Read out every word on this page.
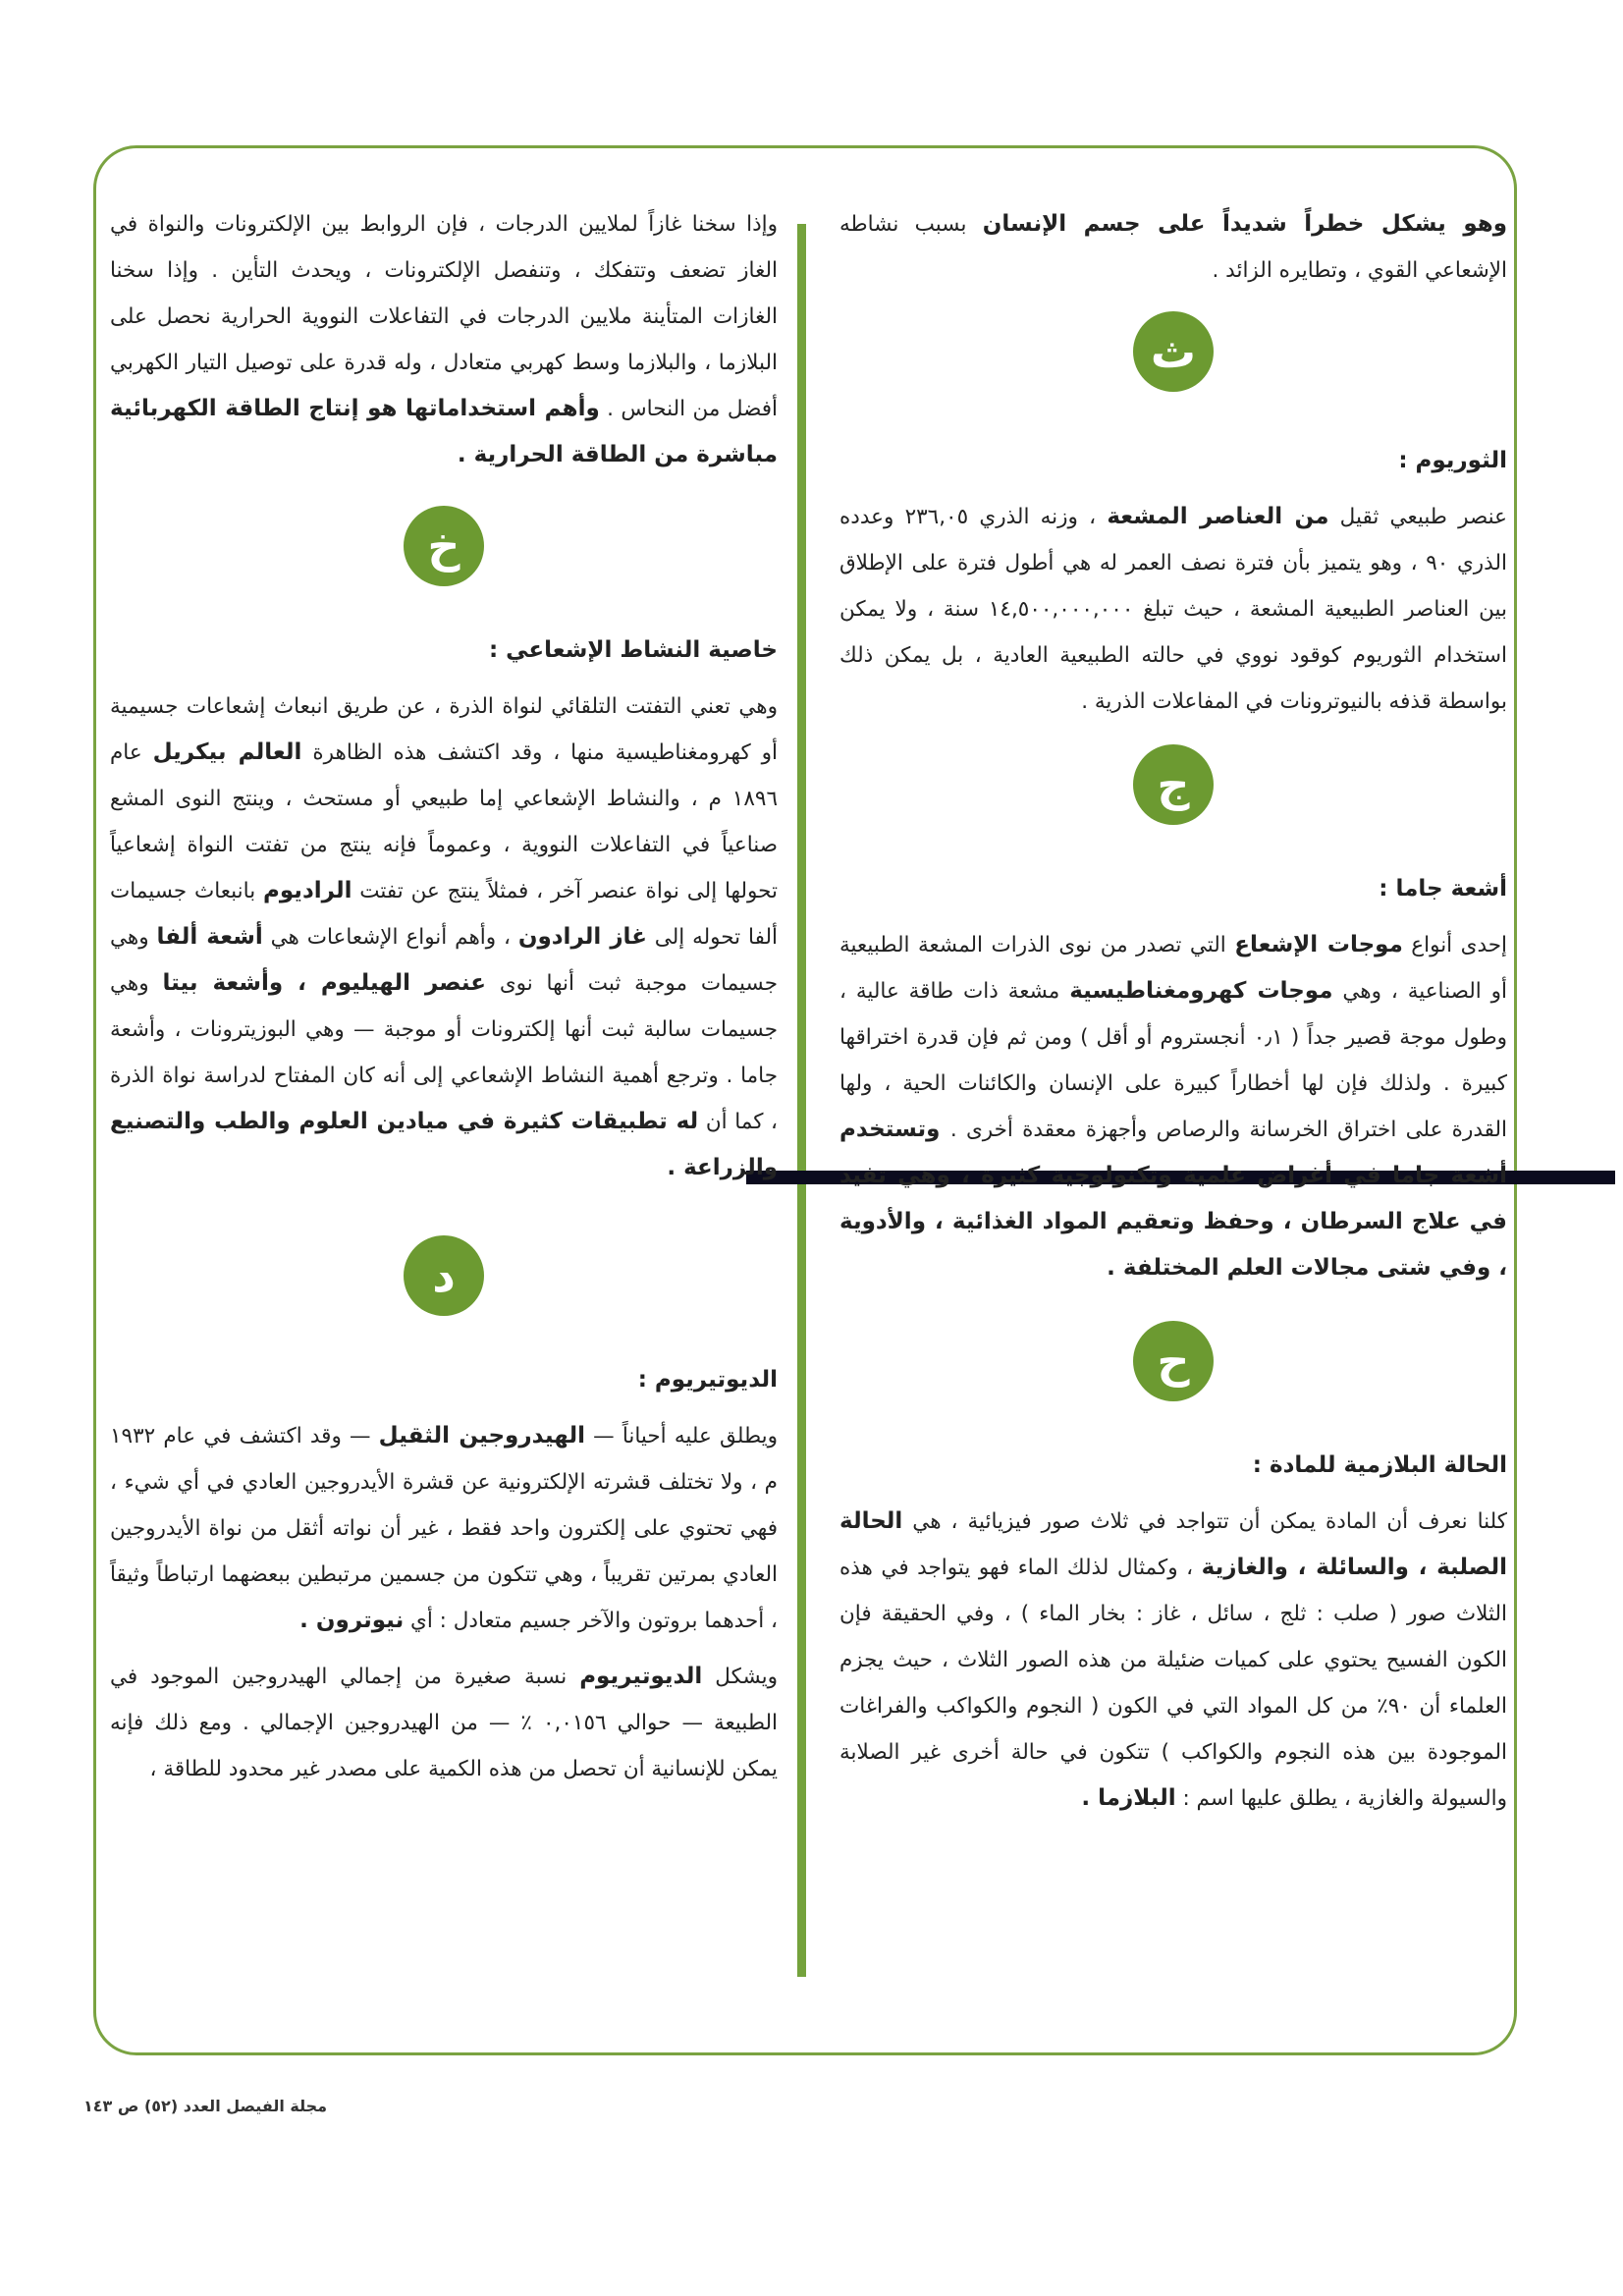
وهو يشكل خطراً شديداً على جسم الإنسان بسبب نشاطه الإشعاعي القوي ، وتطايره الزائد .

ث
الثوريوم :

عنصر طبيعي ثقيل من العناصر المشعة ، وزنه الذري ٢٣٦,٠٥ وعدده الذري ٩٠ ، وهو يتميز بأن فترة نصف العمر له هي أطول فترة على الإطلاق بين العناصر الطبيعية المشعة ، حيث تبلغ ١٤,٥٠٠,٠٠٠,٠٠٠ سنة ، ولا يمكن استخدام الثوريوم كوقود نووي في حالته الطبيعية العادية ، بل يمكن ذلك بواسطة قذفه بالنيوترونات في المفاعلات الذرية .

ج
أشعة جاما :

إحدى أنواع موجات الإشعاع التي تصدر من نوى الذرات المشعة الطبيعية أو الصناعية ، وهي موجات كهرومغناطيسية مشعة ذات طاقة عالية ، وطول موجة قصير جداً ( ٠٫١ أنجستروم أو أقل ) ومن ثم فإن قدرة اختراقها كبيرة . ولذلك فإن لها أخطاراً كبيرة على الإنسان والكائنات الحية ، ولها القدرة على اختراق الخرسانة والرصاص وأجهزة معقدة أخرى . وتستخدم أشعة جاما في أغراض علمية وتكنولوجية كثيرة ، وهي تفيد في علاج السرطان ، وحفظ وتعقيم المواد الغذائية ، والأدوية ، وفي شتى مجالات العلم المختلفة .

ح
الحالة البلازمية للمادة :

كلنا نعرف أن المادة يمكن أن تتواجد في ثلاث صور فيزيائية ، هي الحالة الصلبة ، والسائلة ، والغازية ، وكمثال لذلك الماء فهو يتواجد في هذه الثلاث صور ( صلب : ثلج ، سائل ، غاز : بخار الماء ) ، وفي الحقيقة فإن الكون الفسيح يحتوي على كميات ضئيلة من هذه الصور الثلاث ، حيث يجزم العلماء أن ٩٠٪ من كل المواد التي في الكون ( النجوم والكواكب والفراغات الموجودة بين هذه النجوم والكواكب ) تتكون في حالة أخرى غير الصلابة والسيولة والغازية ، يطلق عليها اسم : البلازما .

وإذا سخنا غازاً لملايين الدرجات ، فإن الروابط بين الإلكترونات والنواة في الغاز تضعف وتتفكك ، وتنفصل الإلكترونات ، ويحدث التأين . وإذا سخنا الغازات المتأينة ملايين الدرجات في التفاعلات النووية الحرارية نحصل على البلازما ، والبلازما وسط كهربي متعادل ، وله قدرة على توصيل التيار الكهربي أفضل من النحاس . وأهم استخداماتها هو إنتاج الطاقة الكهربائية مباشرة من الطاقة الحرارية .

خ
خاصية النشاط الإشعاعي :

وهي تعني التفتت التلقائي لنواة الذرة ، عن طريق انبعاث إشعاعات جسيمية أو كهرومغناطيسية منها ، وقد اكتشف هذه الظاهرة العالم بيكريل عام ١٨٩٦ م ، والنشاط الإشعاعي إما طبيعي أو مستحث ، وينتج النوى المشع صناعياً في التفاعلات النووية ، وعموماً فإنه ينتج من تفتت النواة إشعاعياً تحولها إلى نواة عنصر آخر ، فمثلاً ينتج عن تفتت الراديوم بانبعاث جسيمات ألفا تحوله إلى غاز الرادون ، وأهم أنواع الإشعاعات هي أشعة ألفا وهي جسيمات موجبة ثبت أنها نوى عنصر الهيليوم ، وأشعة بيتا وهي جسيمات سالبة ثبت أنها إلكترونات أو موجبة — وهي البوزيترونات ، وأشعة جاما . وترجع أهمية النشاط الإشعاعي إلى أنه كان المفتاح لدراسة نواة الذرة ، كما أن له تطبيقات كثيرة في ميادين العلوم والطب والتصنيع والزراعة .

د
الديوتيريوم :

ويطلق عليه أحياناً — الهيدروجين الثقيل — وقد اكتشف في عام ١٩٣٢ م ، ولا تختلف قشرته الإلكترونية عن قشرة الأيدروجين العادي في أي شيء ، فهي تحتوي على إلكترون واحد فقط ، غير أن نواته أثقل من نواة الأيدروجين العادي بمرتين تقريباً ، وهي تتكون من جسمين مرتبطين ببعضهما ارتباطاً وثيقاً ، أحدهما بروتون والآخر جسيم متعادل : أي نيوترون .

ويشكل الديوتيريوم نسبة صغيرة من إجمالي الهيدروجين الموجود في الطبيعة — حوالي ٠,٠١٥٦ ٪ — من الهيدروجين الإجمالي . ومع ذلك فإنه يمكن للإنسانية أن تحصل من هذه الكمية على مصدر غير محدود للطاقة ،

مجلة الفيصل العدد (٥٢) ص ١٤٣
